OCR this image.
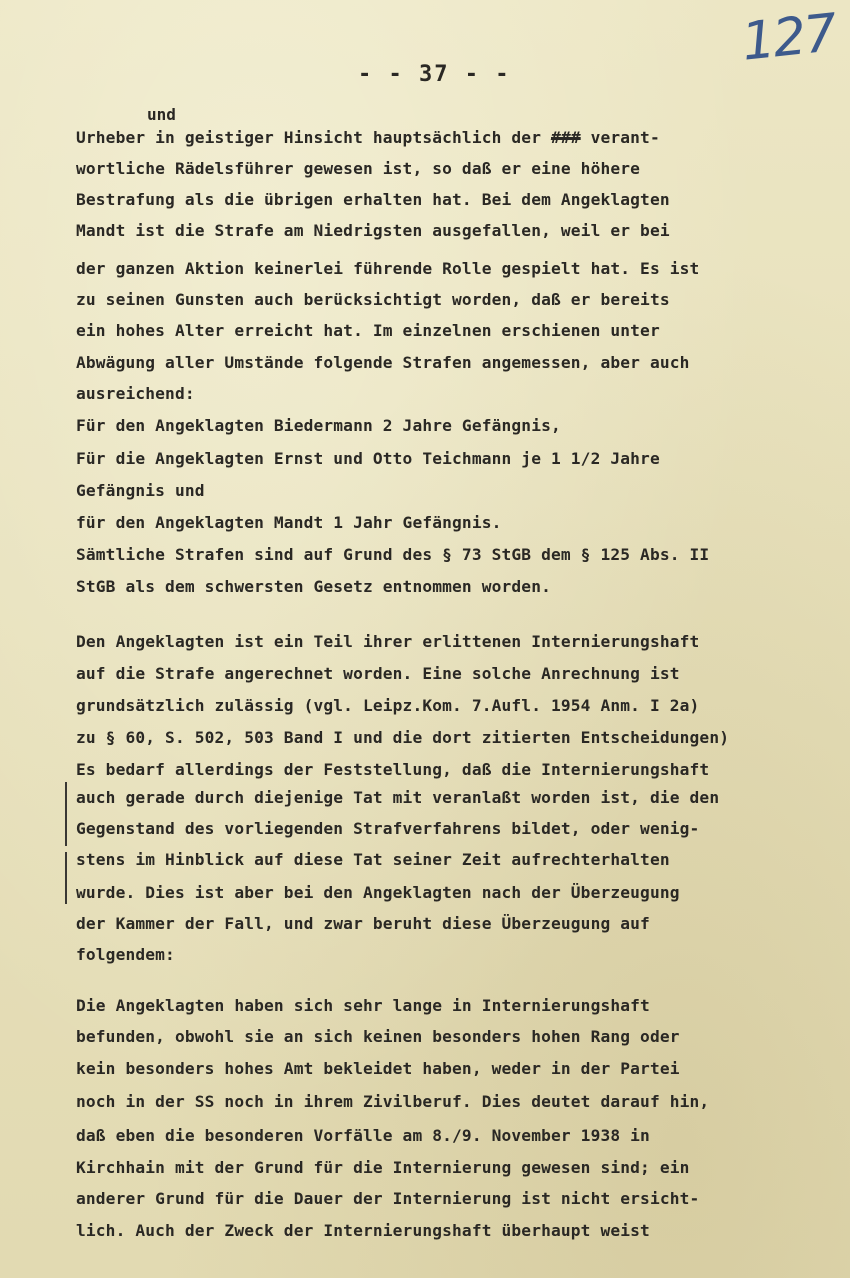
127
- - 37 - -
und
Urheber in geistiger Hinsicht hauptsächlich der ### verant-
wortliche Rädelsführer gewesen ist, so daß er eine höhere
Bestrafung als die übrigen erhalten hat. Bei dem Angeklagten
Mandt ist die Strafe am Niedrigsten ausgefallen, weil er bei
der ganzen Aktion keinerlei führende Rolle gespielt hat. Es ist
zu seinen Gunsten auch berücksichtigt worden, daß er bereits
ein hohes Alter erreicht hat. Im einzelnen erschienen unter
Abwägung aller Umstände folgende Strafen angemessen, aber auch
ausreichend:
Für den Angeklagten Biedermann 2 Jahre Gefängnis,
Für die Angeklagten Ernst und Otto Teichmann je 1 1/2 Jahre
Gefängnis und
für den Angeklagten Mandt 1 Jahr Gefängnis.
Sämtliche Strafen sind auf Grund des § 73 StGB dem § 125 Abs. II
StGB als dem schwersten Gesetz entnommen worden.
Den Angeklagten ist ein Teil ihrer erlittenen Internierungshaft
auf die Strafe angerechnet worden. Eine solche Anrechnung ist
grundsätzlich zulässig (vgl. Leipz.Kom. 7.Aufl. 1954 Anm. I 2a)
zu § 60, S. 502, 503 Band I und die dort zitierten Entscheidungen)
Es bedarf allerdings der Feststellung, daß die Internierungshaft
auch gerade durch diejenige Tat mit veranlaßt worden ist, die den
Gegenstand des vorliegenden Strafverfahrens bildet, oder wenig-
stens im Hinblick auf diese Tat seiner Zeit aufrechterhalten
wurde. Dies ist aber bei den Angeklagten nach der Überzeugung
der Kammer der Fall, und zwar beruht diese Überzeugung auf
folgendem:
Die Angeklagten haben sich sehr lange in Internierungshaft
befunden, obwohl sie an sich keinen besonders hohen Rang oder
kein besonders hohes Amt bekleidet haben, weder in der Partei
noch in der SS noch in ihrem Zivilberuf. Dies deutet darauf hin,
daß eben die besonderen Vorfälle am 8./9. November 1938 in
Kirchhain mit der Grund für die Internierung gewesen sind; ein
anderer Grund für die Dauer der Internierung ist nicht ersicht-
lich. Auch der Zweck der Internierungshaft überhaupt weist
